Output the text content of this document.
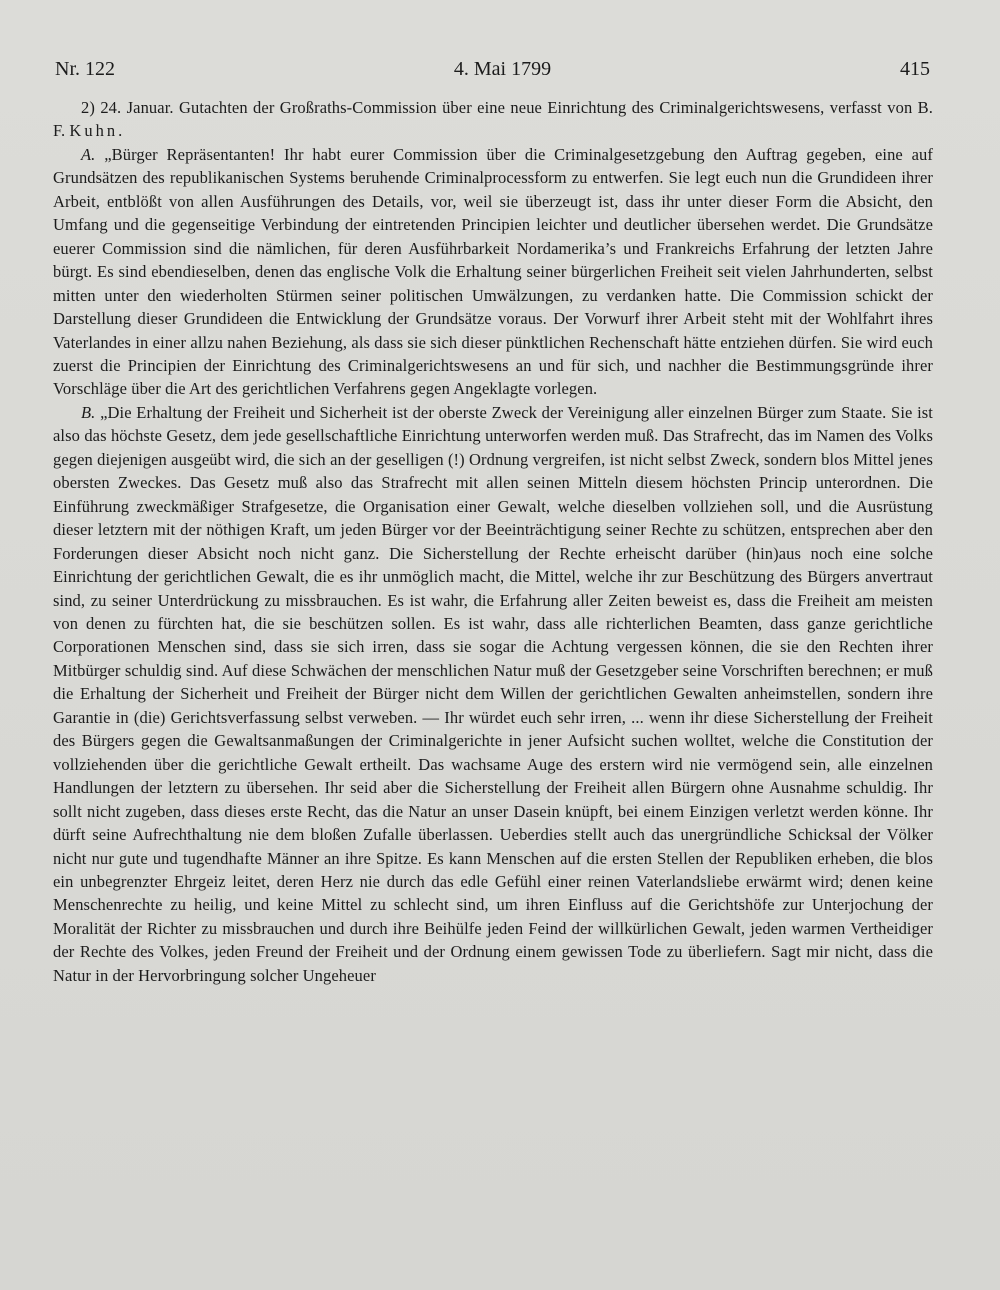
Nr. 122	4. Mai 1799	415

2) 24. Januar. Gutachten der Großraths-Commission über eine neue Einrichtung des Criminalgerichtswesens, verfasst von B. F. Kuhn.

A. „Bürger Repräsentanten! Ihr habt eurer Commission über die Criminalgesetzgebung den Auftrag gegeben, eine auf Grundsätzen des republikanischen Systems beruhende Criminalprocessform zu entwerfen. Sie legt euch nun die Grundideen ihrer Arbeit, entblößt von allen Ausführungen des Details, vor, weil sie überzeugt ist, dass ihr unter dieser Form die Absicht, den Umfang und die gegenseitige Verbindung der eintretenden Principien leichter und deutlicher übersehen werdet. Die Grundsätze euerer Commission sind die nämlichen, für deren Ausführbarkeit Nordamerika’s und Frankreichs Erfahrung der letzten Jahre bürgt. Es sind ebendieselben, denen das englische Volk die Erhaltung seiner bürgerlichen Freiheit seit vielen Jahrhunderten, selbst mitten unter den wiederholten Stürmen seiner politischen Umwälzungen, zu verdanken hatte. Die Commission schickt der Darstellung dieser Grundideen die Entwicklung der Grundsätze voraus. Der Vorwurf ihrer Arbeit steht mit der Wohlfahrt ihres Vaterlandes in einer allzu nahen Beziehung, als dass sie sich dieser pünktlichen Rechenschaft hätte entziehen dürfen. Sie wird euch zuerst die Principien der Einrichtung des Criminalgerichtswesens an und für sich, und nachher die Bestimmungsgründe ihrer Vorschläge über die Art des gerichtlichen Verfahrens gegen Angeklagte vorlegen.

B. „Die Erhaltung der Freiheit und Sicherheit ist der oberste Zweck der Vereinigung aller einzelnen Bürger zum Staate. Sie ist also das höchste Gesetz, dem jede gesellschaftliche Einrichtung unterworfen werden muß. Das Strafrecht, das im Namen des Volks gegen diejenigen ausgeübt wird, die sich an der geselligen (!) Ordnung vergreifen, ist nicht selbst Zweck, sondern blos Mittel jenes obersten Zweckes. Das Gesetz muß also das Strafrecht mit allen seinen Mitteln diesem höchsten Princip unterordnen. Die Einführung zweckmäßiger Strafgesetze, die Organisation einer Gewalt, welche dieselben vollziehen soll, und die Ausrüstung dieser letztern mit der nöthigen Kraft, um jeden Bürger vor der Beeinträchtigung seiner Rechte zu schützen, entsprechen aber den Forderungen dieser Absicht noch nicht ganz. Die Sicherstellung der Rechte erheischt darüber (hin)aus noch eine solche Einrichtung der gerichtlichen Gewalt, die es ihr unmöglich macht, die Mittel, welche ihr zur Beschützung des Bürgers anvertraut sind, zu seiner Unterdrückung zu missbrauchen. Es ist wahr, die Erfahrung aller Zeiten beweist es, dass die Freiheit am meisten von denen zu fürchten hat, die sie beschützen sollen. Es ist wahr, dass alle richterlichen Beamten, dass ganze gerichtliche Corporationen Menschen sind, dass sie sich irren, dass sie sogar die Achtung vergessen können, die sie den Rechten ihrer Mitbürger schuldig sind. Auf diese Schwächen der menschlichen Natur muß der Gesetzgeber seine Vorschriften berechnen; er muß die Erhaltung der Sicherheit und Freiheit der Bürger nicht dem Willen der gerichtlichen Gewalten anheimstellen, sondern ihre Garantie in (die) Gerichtsverfassung selbst verweben. — Ihr würdet euch sehr irren, ... wenn ihr diese Sicherstellung der Freiheit des Bürgers gegen die Gewaltsanmaßungen der Criminalgerichte in jener Aufsicht suchen wolltet, welche die Constitution der vollziehenden über die gerichtliche Gewalt ertheilt. Das wachsame Auge des erstern wird nie vermögend sein, alle einzelnen Handlungen der letztern zu übersehen. Ihr seid aber die Sicherstellung der Freiheit allen Bürgern ohne Ausnahme schuldig. Ihr sollt nicht zugeben, dass dieses erste Recht, das die Natur an unser Dasein knüpft, bei einem Einzigen verletzt werden könne. Ihr dürft seine Aufrechthaltung nie dem bloßen Zufalle überlassen. Ueberdies stellt auch das unergründliche Schicksal der Völker nicht nur gute und tugendhafte Männer an ihre Spitze. Es kann Menschen auf die ersten Stellen der Republiken erheben, die blos ein unbegrenzter Ehrgeiz leitet, deren Herz nie durch das edle Gefühl einer reinen Vaterlandsliebe erwärmt wird; denen keine Menschenrechte zu heilig, und keine Mittel zu schlecht sind, um ihren Einfluss auf die Gerichtshöfe zur Unterjochung der Moralität der Richter zu missbrauchen und durch ihre Beihülfe jeden Feind der willkürlichen Gewalt, jeden warmen Vertheidiger der Rechte des Volkes, jeden Freund der Freiheit und der Ordnung einem gewissen Tode zu überliefern. Sagt mir nicht, dass die Natur in der Hervorbringung solcher Ungeheuer
